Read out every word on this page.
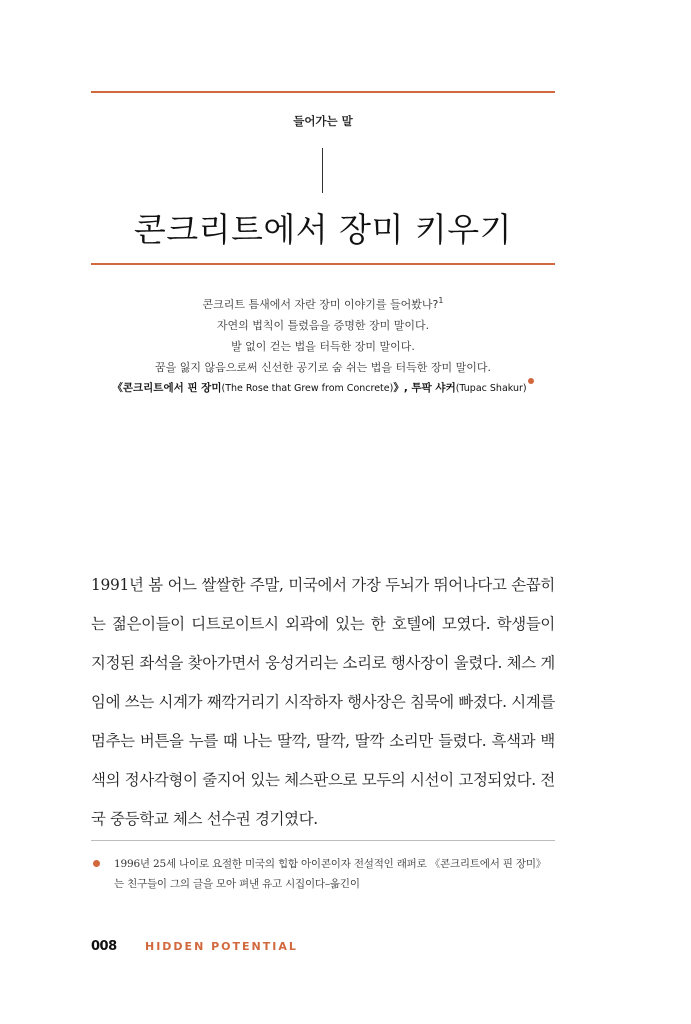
들어가는 말
콘크리트에서 장미 키우기
콘크리트 틈새에서 자란 장미 이야기를 들어봤나?$^1$
자연의 법칙이 틀렸음을 증명한 장미 말이다.
발 없이 걷는 법을 터득한 장미 말이다.
꿈을 잃지 않음으로써 신선한 공기로 숨 쉬는 법을 터득한 장미 말이다.
《콘크리트에서 핀 장미(The Rose that Grew from Concrete)》, 투팍 샤커(Tupac Shakur)

1991년 봄 어느 쌀쌀한 주말, 미국에서 가장 두뇌가 뛰어나다고 손꼽히는 젊은이들이 디트로이트시 외곽에 있는 한 호텔에 모였다. 학생들이 지정된 좌석을 찾아가면서 웅성거리는 소리로 행사장이 울렸다. 체스 게임에 쓰는 시계가 째깍거리기 시작하자 행사장은 침묵에 빠졌다. 시계를 멈추는 버튼을 누를 때 나는 딸깍, 딸깍, 딸깍 소리만 들렸다. 흑색과 백색의 정사각형이 줄지어 있는 체스판으로 모두의 시선이 고정되었다. 전국 중등학교 체스 선수권 경기였다.

1996년 25세 나이로 요절한 미국의 힙합 아이콘이자 전설적인 래퍼로 《콘크리트에서 핀 장미》는 친구들이 그의 글을 모아 펴낸 유고 시집이다–옮긴이
008	HIDDEN POTENTIAL
